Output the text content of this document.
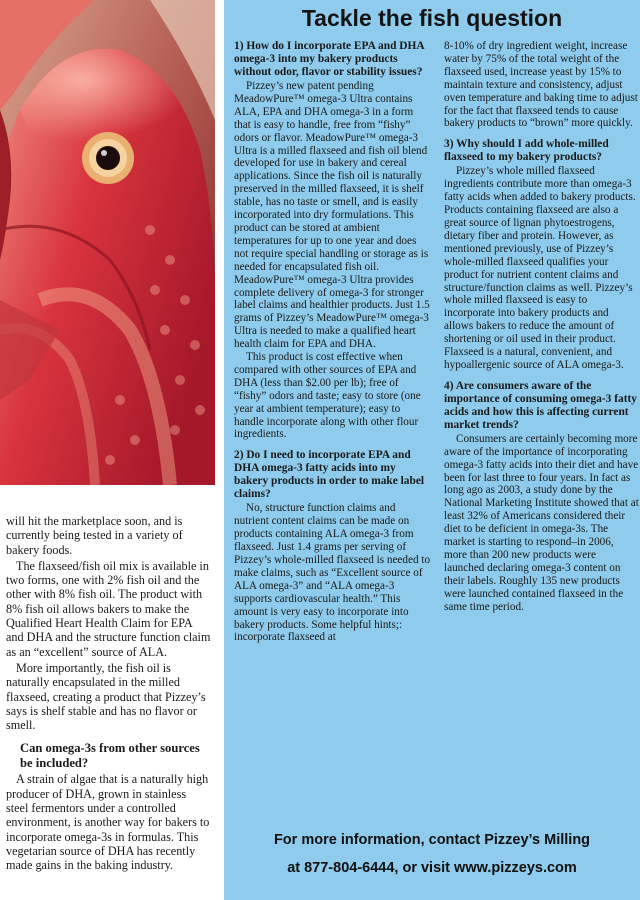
will hit the marketplace soon, and is currently being tested in a variety of bakery foods.

The flaxseed/fish oil mix is available in two forms, one with 2% fish oil and the other with 8% fish oil. The product with 8% fish oil allows bakers to make the Qualified Heart Health Claim for EPA and DHA and the structure function claim as an “excellent” source of ALA.

More importantly, the fish oil is naturally encapsulated in the milled flaxseed, creating a product that Pizzey’s says is shelf stable and has no flavor or smell.

Can omega-3s from other sources be included?

A strain of algae that is a naturally high producer of DHA, grown in stainless steel fermentors under a controlled environment, is another way for bakers to incorporate omega-3s in formulas. This vegetarian source of DHA has recently made gains in the baking industry.

Tackle the fish question
1) How do I incorporate EPA and DHA omega-3 into my bakery products without odor, flavor or stability issues?

Pizzey’s new patent pending MeadowPure™ omega-3 Ultra contains ALA, EPA and DHA omega-3 in a form that is easy to handle, free from “fishy” odors or flavor. MeadowPure™ omega-3 Ultra is a milled flaxseed and fish oil blend developed for use in bakery and cereal applications. Since the fish oil is naturally preserved in the milled flaxseed, it is shelf stable, has no taste or smell, and is easily incorporated into dry formulations. This product can be stored at ambient temperatures for up to one year and does not require special handling or storage as is needed for encapsulated fish oil. MeadowPure™ omega-3 Ultra provides complete delivery of omega-3 for stronger label claims and healthier products. Just 1.5 grams of Pizzey’s MeadowPure™ omega-3 Ultra is needed to make a qualified heart health claim for EPA and DHA.

This product is cost effective when compared with other sources of EPA and DHA (less than $2.00 per lb); free of “fishy” odors and taste; easy to store (one year at ambient temperature); easy to handle incorporate along with other flour ingredients.

2) Do I need to incorporate EPA and DHA omega-3 fatty acids into my bakery products in order to make label claims?

No, structure function claims and nutrient content claims can be made on products containing ALA omega-3 from flaxseed. Just 1.4 grams per serving of Pizzey’s whole-milled flaxseed is needed to make claims, such as “Excellent source of ALA omega-3” and “ALA omega-3 supports cardiovascular health.” This amount is very easy to incorporate into bakery products. Some helpful hints;: incorporate flaxseed at

8-10% of dry ingredient weight, increase water by 75% of the total weight of the flaxseed used, increase yeast by 15% to maintain texture and consistency, adjust oven temperature and baking time to adjust for the fact that flaxseed tends to cause bakery products to “brown” more quickly.

3) Why should I add whole-milled flaxseed to my bakery products?

Pizzey’s whole milled flaxseed ingredients contribute more than omega-3 fatty acids when added to bakery products. Products containing flaxseed are also a great source of lignan phytoestrogens, dietary fiber and protein. However, as mentioned previously, use of Pizzey’s whole-milled flaxseed qualifies your product for nutrient content claims and structure/function claims as well. Pizzey’s whole milled flaxseed is easy to incorporate into bakery products and allows bakers to reduce the amount of shortening or oil used in their product. Flaxseed is a natural, convenient, and hypoallergenic source of ALA omega-3.

4) Are consumers aware of the importance of consuming omega-3 fatty acids and how this is affecting current market trends?

Consumers are certainly becoming more aware of the importance of incorporating omega-3 fatty acids into their diet and have been for last three to four years. In fact as long ago as 2003, a study done by the National Marketing Institute showed that at least 32% of Americans considered their diet to be deficient in omega-3s. The market is starting to respond–in 2006, more than 200 new products were launched declaring omega-3 content on their labels. Roughly 135 new products were launched contained flaxseed in the same time period.

For more information, contact Pizzey’s Milling

at 877-804-6444, or visit www.pizzeys.com
